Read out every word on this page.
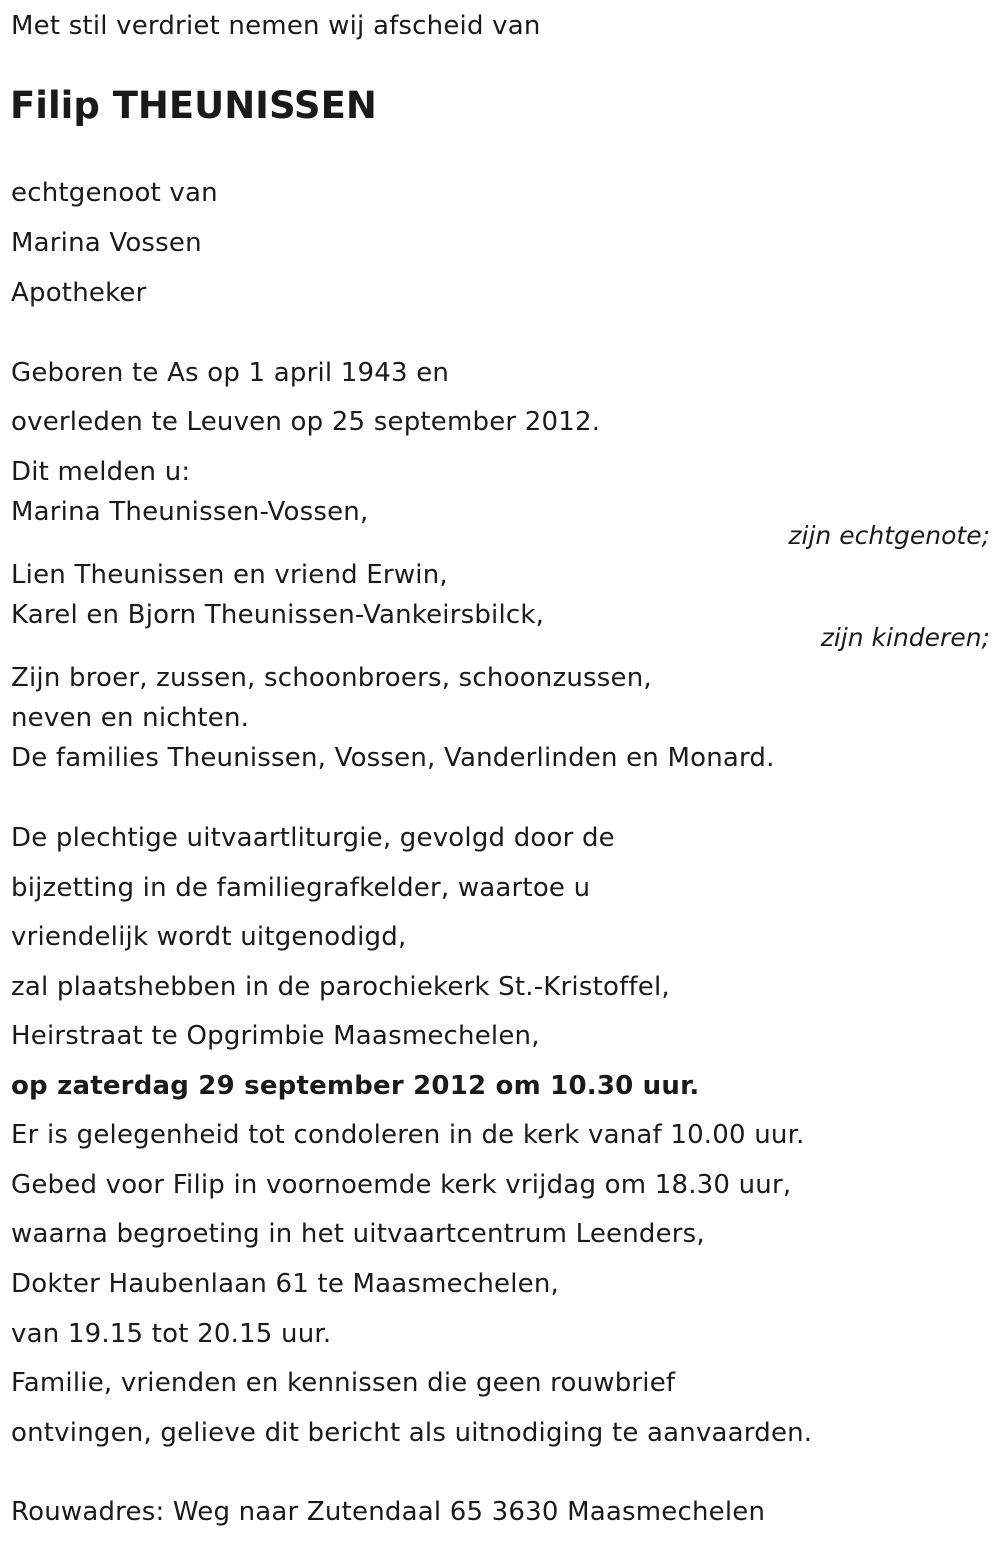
Met stil verdriet nemen wij afscheid van

Filip THEUNISSEN

echtgenoot van

Marina Vossen

Apotheker

Geboren te As op 1 april 1943 en

overleden te Leuven op 25 september 2012.

Dit melden u:

Marina Theunissen-Vossen,

zijn echtgenote;

Lien Theunissen en vriend Erwin,

Karel en Bjorn Theunissen-Vankeirsbilck,

zijn kinderen;

Zijn broer, zussen, schoonbroers, schoonzussen,

neven en nichten.

De families Theunissen, Vossen, Vanderlinden en Monard.

De plechtige uitvaartliturgie, gevolgd door de

bijzetting in de familiegrafkelder, waartoe u

vriendelijk wordt uitgenodigd,

zal plaatshebben in de parochiekerk St.-Kristoffel,

Heirstraat te Opgrimbie Maasmechelen,

op zaterdag 29 september 2012 om 10.30 uur.

Er is gelegenheid tot condoleren in de kerk vanaf 10.00 uur.

Gebed voor Filip in voornoemde kerk vrijdag om 18.30 uur,

waarna begroeting in het uitvaartcentrum Leenders,

Dokter Haubenlaan 61 te Maasmechelen,

van 19.15 tot 20.15 uur.

Familie, vrienden en kennissen die geen rouwbrief

ontvingen, gelieve dit bericht als uitnodiging te aanvaarden.

Rouwadres: Weg naar Zutendaal 65 3630 Maasmechelen
